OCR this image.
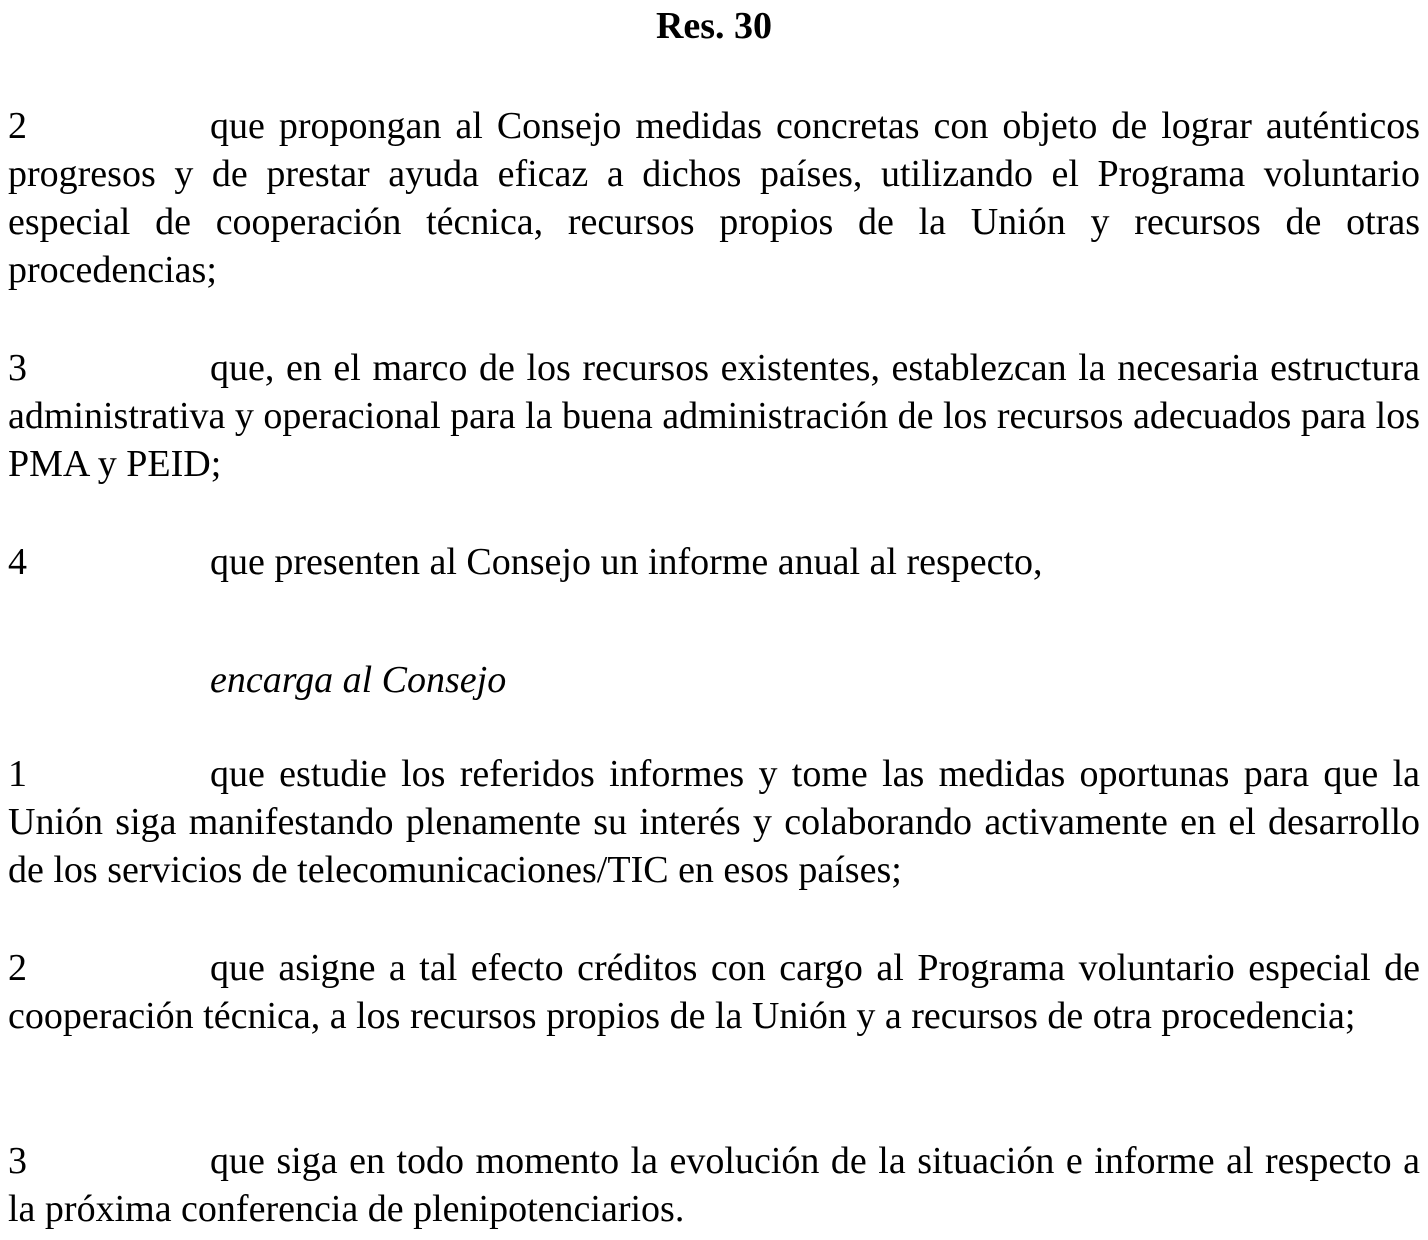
Res. 30
2	que propongan al Consejo medidas concretas con objeto de lograr auténticos progresos y de prestar ayuda eficaz a dichos países, utilizando el Programa voluntario especial de cooperación técnica, recursos propios de la Unión y recursos de otras procedencias;
3	que, en el marco de los recursos existentes, establezcan la necesaria estructura administrativa y operacional para la buena administración de los recursos adecuados para los PMA y PEID;
4	que presenten al Consejo un informe anual al respecto,
encarga al Consejo
1	que estudie los referidos informes y tome las medidas oportunas para que la Unión siga manifestando plenamente su interés y colaborando activamente en el desarrollo de los servicios de telecomunicaciones/TIC en esos países;
2	que asigne a tal efecto créditos con cargo al Programa voluntario especial de cooperación técnica, a los recursos propios de la Unión y a recursos de otra procedencia;
3	que siga en todo momento la evolución de la situación e informe al respecto a la próxima conferencia de plenipotenciarios.
